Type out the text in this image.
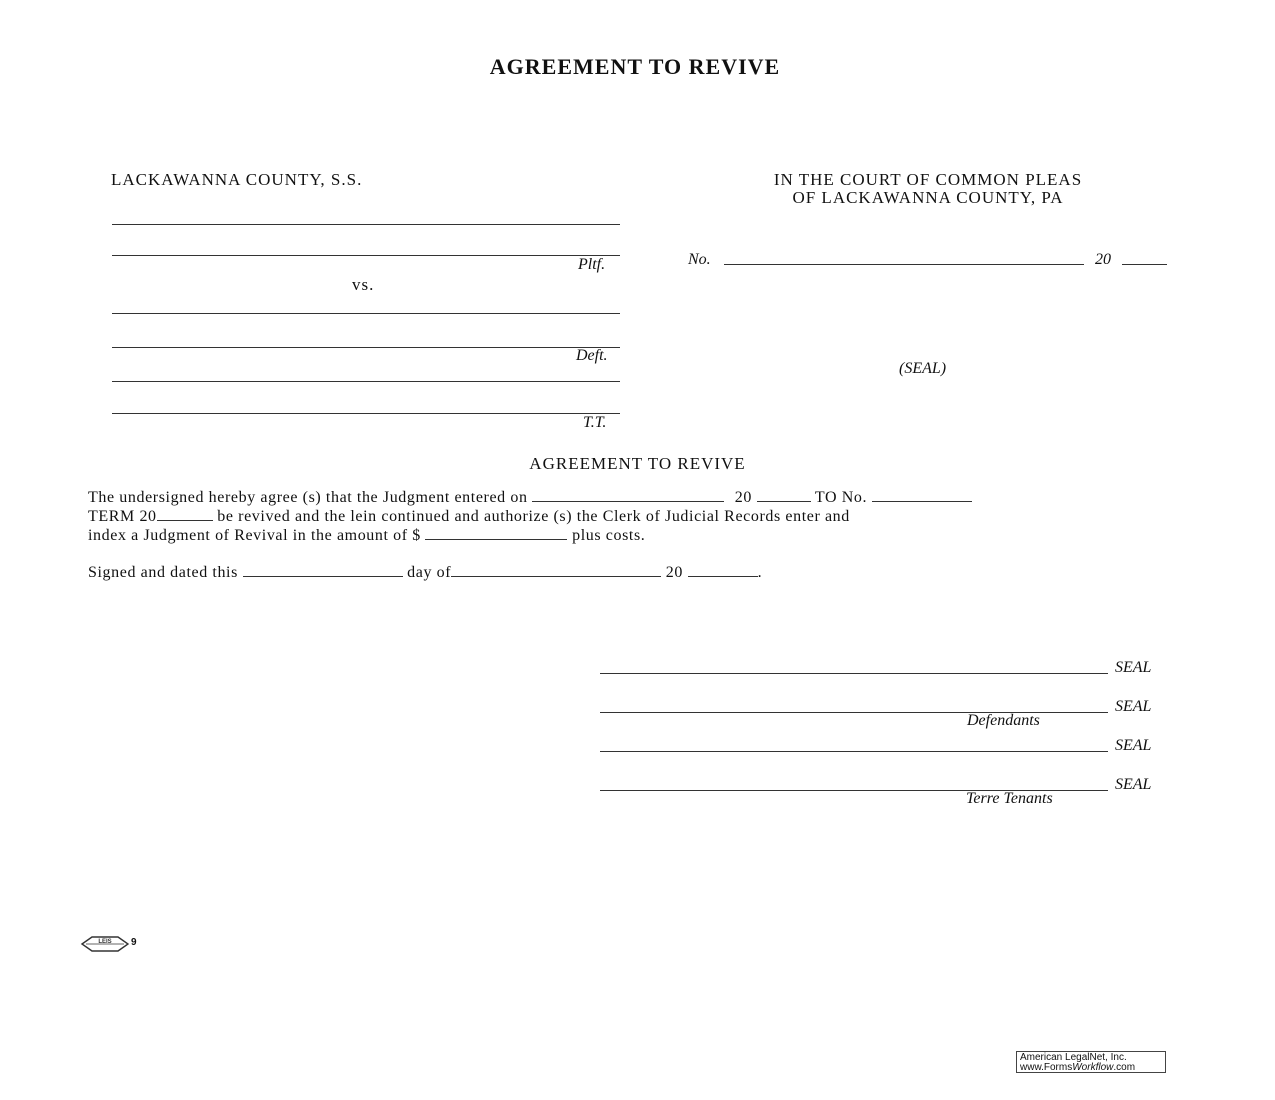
AGREEMENT TO REVIVE
LACKAWANNA COUNTY, S.S.
Pltf.
vs.
Deft.
T.T.
IN THE COURT OF COMMON PLEAS
OF LACKAWANNA COUNTY, PA
No.	20
(SEAL)
AGREEMENT TO REVIVE
The undersigned hereby agree (s) that the Judgment entered on	20	TO No.
TERM 20	be revived and the lein continued and authorize (s) the Clerk of Judicial Records enter and
index a Judgment of Revival in the amount of $	plus costs.
Signed and dated this	day of	20	.
SEAL
SEAL
Defendants
SEAL
SEAL
Terre Tenants
LEIS 9
American LegalNet, Inc.
www.FormsWorkflow.com
